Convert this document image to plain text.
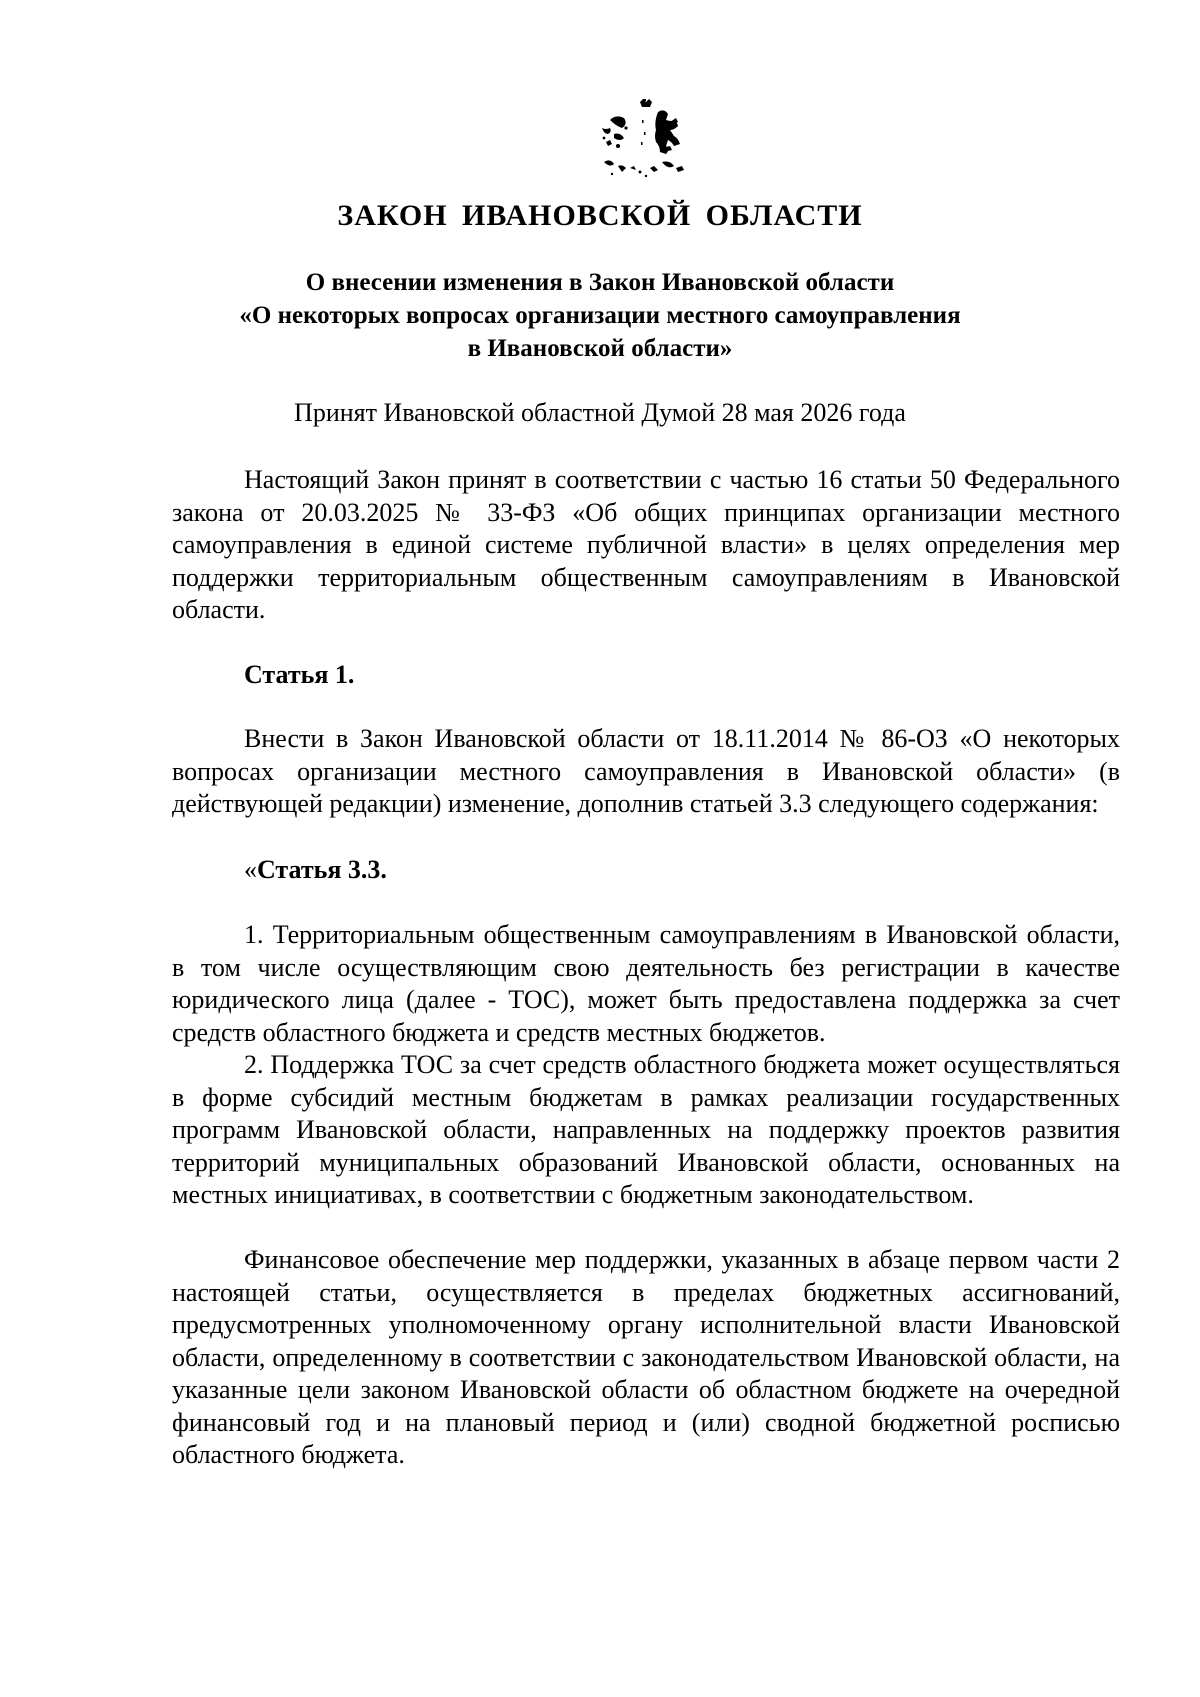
ЗАКОН ИВАНОВСКОЙ ОБЛАСТИ
О внесении изменения в Закон Ивановской области
«О некоторых вопросах организации местного самоуправления
в Ивановской области»
Принят Ивановской областной Думой 28 мая 2026 года

Настоящий Закон принят в соответствии с частью 16 статьи 50 Федерального закона от 20.03.2025 № 33-ФЗ «Об общих принципах организации местного самоуправления в единой системе публичной власти» в целях определения мер поддержки территориальным общественным самоуправлениям в Ивановской области.

Статья 1.

Внести в Закон Ивановской области от 18.11.2014 № 86-ОЗ «О некоторых вопросах организации местного самоуправления в Ивановской области» (в действующей редакции) изменение, дополнив статьей 3.3 следующего содержания:

«Статья 3.3.

1. Территориальным общественным самоуправлениям в Ивановской области, в том числе осуществляющим свою деятельность без регистрации в качестве юридического лица (далее - ТОС), может быть предоставлена поддержка за счет средств областного бюджета и средств местных бюджетов.

2. Поддержка ТОС за счет средств областного бюджета может осуществляться в форме субсидий местным бюджетам в рамках реализации государственных программ Ивановской области, направленных на поддержку проектов развития территорий муниципальных образований Ивановской области, основанных на местных инициативах, в соответствии с бюджетным законодательством.

Финансовое обеспечение мер поддержки, указанных в абзаце первом части 2 настоящей статьи, осуществляется в пределах бюджетных ассигнований, предусмотренных уполномоченному органу исполнительной власти Ивановской области, определенному в соответствии с законодательством Ивановской области, на указанные цели законом Ивановской области об областном бюджете на очередной финансовый год и на плановый период и (или) сводной бюджетной росписью областного бюджета.
